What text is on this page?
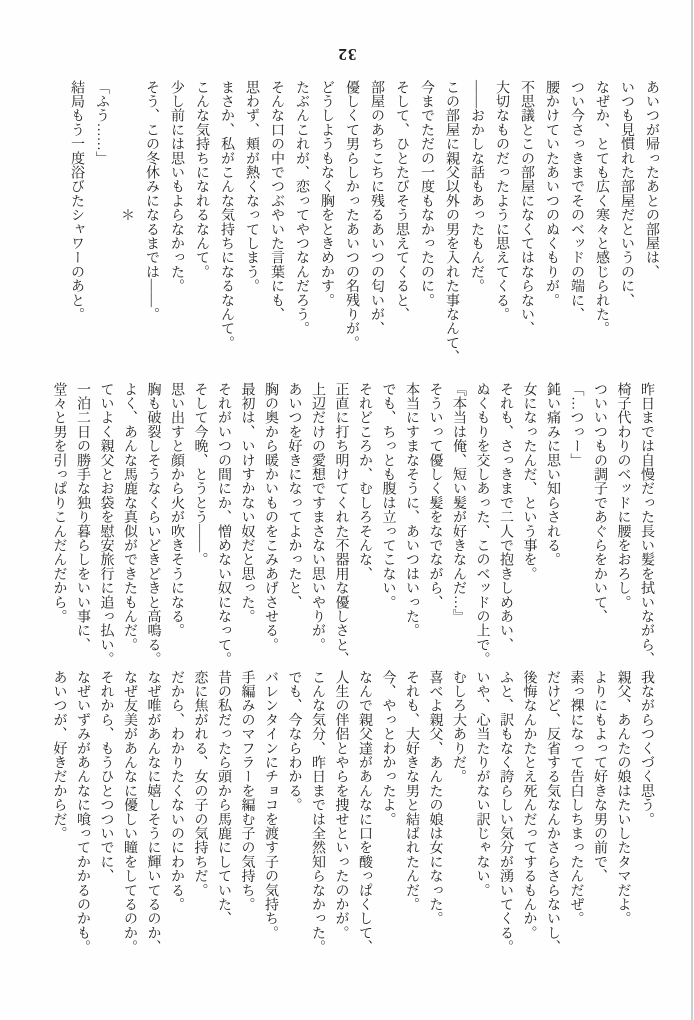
32

あいつが帰ったあとの部屋は、

いつも見慣れた部屋だというのに、

なぜか、とても広く寒々と感じられた。

つい今さっきまでそのベッドの端に、

腰かけていたあいつのぬくもりが。

不思議とこの部屋になくてはならない、

大切なものだったように思えてくる。

——おかしな話もあったもんだ。

この部屋に親父以外の男を入れた事なんて、

今までただの一度もなかったのに。

そして、ひとたびそう思えてくると、

部屋のあちこちに残るあいつの匂いが、

優しくて男らしかったあいつの名残りが。

どうしようもなく胸をときめかす。

たぶんこれが、恋ってやつなんだろう。

そんな口の中でつぶやいた言葉にも、

思わず、頬が熱くなってしまう。

まさか、私がこんな気持ちになるなんて。

こんな気持ちになれるなんて。

少し前には思いもよらなかった。

そう、この冬休みになるまでは——。

　　　　　　　　　＊

「ふう……」

結局もう一度浴びたシャワーのあと。

昨日までは自慢だった長い髪を拭いながら、

椅子代わりのベッドに腰をおろし。

ついいつもの調子であぐらをかいて、

「…つっー」

鈍い痛みに思い知らされる。

女になったんだ、という事を。

それも、さっきまで二人で抱きしめあい、

ぬくもりを交しあった、このベッドの上で。

『本当は俺、短い髪が好きなんだ…』

そういって優しく髪をなでながら、

本当にすまなそうに、あいつはいった。

でも、ちっとも腹は立ってこない。

それどころか、むしろそんな、

正直に打ち明けてくれた不器用な優しさと、

上辺だけの愛想ですまさない思いやりが。

あいつを好きになってよかったと、

胸の奥から暖かいものをこみあげさせる。

最初は、いけすかない奴だと思った。

それがいつの間にか、憎めない奴になって。

そして今晩、とうとう——。

思い出すと顔から火が吹きそうになる。

胸も破裂しそうなくらいどきどきと高鳴る。

よく、あんな馬鹿な真似ができたもんだ。

ていよく親父とお袋を慰安旅行に追っ払い。

一泊二日の勝手な独り暮らしをいい事に、

堂々と男を引っぱりこんだんだから。

我ながらつくづく思う。

親父、あんたの娘はたいしたタマだよ。

よりにもよって好きな男の前で、

素っ裸になって告白しちまったんだぜ。

だけど、反省する気なんかさらさらないし、

後悔なんかたとえ死んだってするもんか。

ふと、訳もなく誇らしい気分が湧いてくる。

いや、心当たりがない訳じゃない。

むしろ大ありだ。

喜べよ親父、あんたの娘は女になった。

それも、大好きな男と結ばれたんだ。

今、やっとわかったよ。

なんで親父達があんなに口を酸っぱくして、

人生の伴侶とやらを捜せといったのかが。

こんな気分、昨日までは全然知らなかった。

でも、今ならわかる。

バレンタインにチョコを渡す子の気持ち。

手編みのマフラーを編む子の気持ち。

昔の私だったら頭から馬鹿にしていた、

恋に焦がれる、女の子の気持ちだ。

だから、わかりたくないのにわかる。

なぜ唯があんなに嬉しそうに輝いてるのか、

なぜ友美があんなに優しい瞳をしてるのか。

それから、もうひとつついでに、

なぜいずみがあんなに喰ってかかるのかも。

あいつが、好きだからだ。
